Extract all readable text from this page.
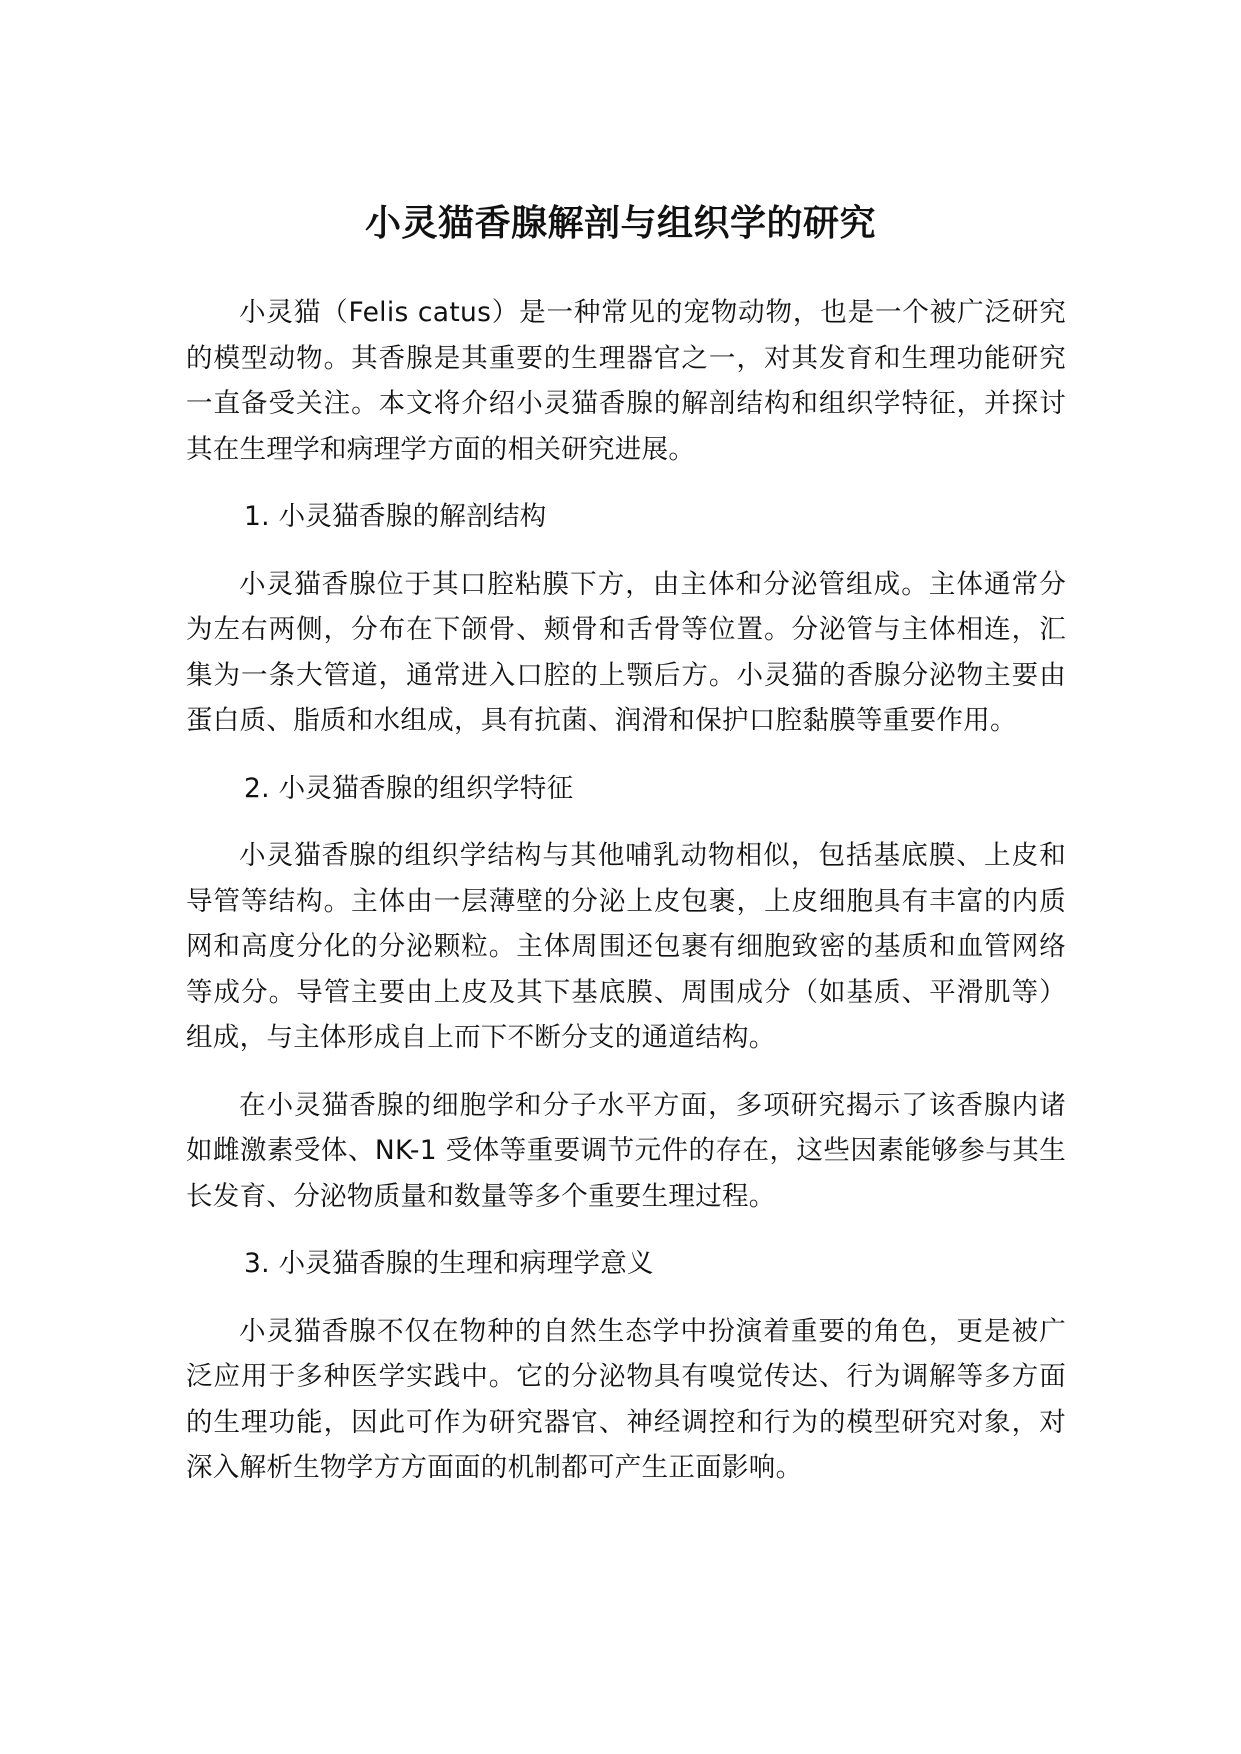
小灵猫香腺解剖与组织学的研究

小灵猫（Felis catus）是一种常见的宠物动物，也是一个被广泛研究的模型动物。其香腺是其重要的生理器官之一，对其发育和生理功能研究一直备受关注。本文将介绍小灵猫香腺的解剖结构和组织学特征，并探讨其在生理学和病理学方面的相关研究进展。

1. 小灵猫香腺的解剖结构

小灵猫香腺位于其口腔粘膜下方，由主体和分泌管组成。主体通常分为左右两侧，分布在下颌骨、颊骨和舌骨等位置。分泌管与主体相连，汇集为一条大管道，通常进入口腔的上颚后方。小灵猫的香腺分泌物主要由蛋白质、脂质和水组成，具有抗菌、润滑和保护口腔黏膜等重要作用。

2. 小灵猫香腺的组织学特征

小灵猫香腺的组织学结构与其他哺乳动物相似，包括基底膜、上皮和导管等结构。主体由一层薄壁的分泌上皮包裹，上皮细胞具有丰富的内质网和高度分化的分泌颗粒。主体周围还包裹有细胞致密的基质和血管网络等成分。导管主要由上皮及其下基底膜、周围成分（如基质、平滑肌等）组成，与主体形成自上而下不断分支的通道结构。

在小灵猫香腺的细胞学和分子水平方面，多项研究揭示了该香腺内诸如雌激素受体、NK-1 受体等重要调节元件的存在，这些因素能够参与其生长发育、分泌物质量和数量等多个重要生理过程。

3. 小灵猫香腺的生理和病理学意义

小灵猫香腺不仅在物种的自然生态学中扮演着重要的角色，更是被广泛应用于多种医学实践中。它的分泌物具有嗅觉传达、行为调解等多方面的生理功能，因此可作为研究器官、神经调控和行为的模型研究对象，对深入解析生物学方方面面的机制都可产生正面影响。
